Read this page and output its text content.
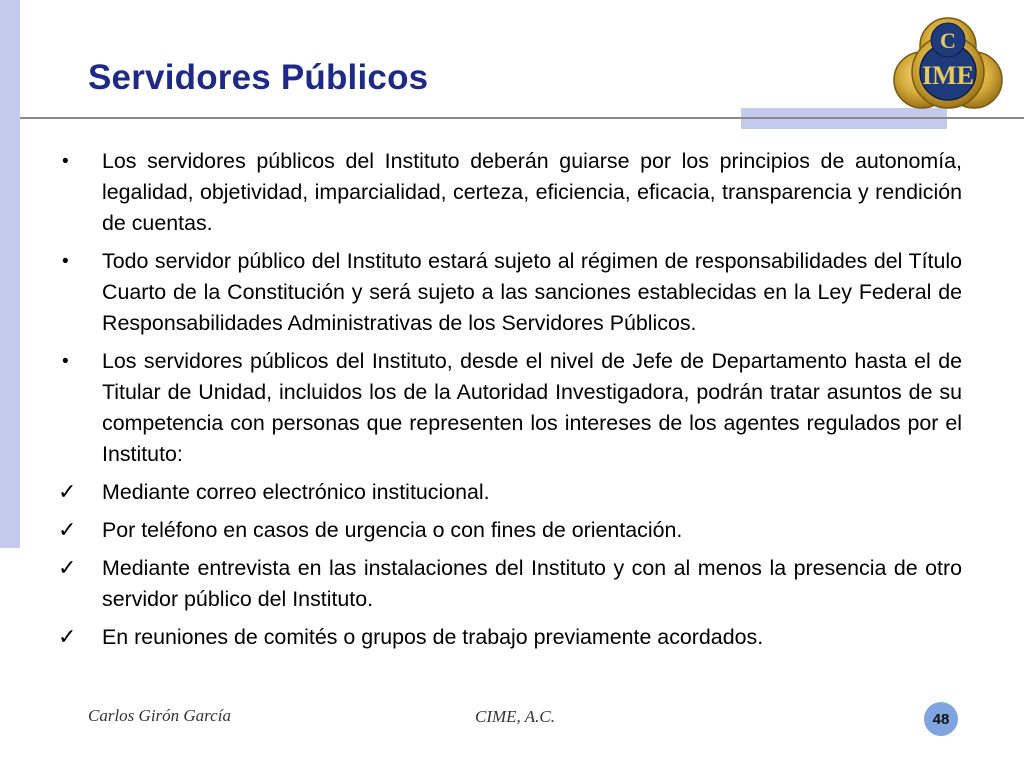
Servidores Públicos
C
IME
•	Los servidores públicos del Instituto deberán guiarse por los principios de autonomía, legalidad, objetividad, imparcialidad, certeza, eficiencia, eficacia, transparencia y rendición de cuentas.
•	Todo servidor público del Instituto estará sujeto al régimen de responsabilidades del Título Cuarto de la Constitución y será sujeto a las sanciones establecidas en la Ley Federal de Responsabilidades Administrativas de los Servidores Públicos.
•	Los servidores públicos del Instituto, desde el nivel de Jefe de Departamento hasta el de Titular de Unidad, incluidos los de la Autoridad Investigadora, podrán tratar asuntos de su competencia con personas que representen los intereses de los agentes regulados por el Instituto:
✓ Mediante correo electrónico institucional.
✓ Por teléfono en casos de urgencia o con fines de orientación.
✓ Mediante entrevista en las instalaciones del Instituto y con al menos la presencia de otro servidor público del Instituto.
✓ En reuniones de comités o grupos de trabajo previamente acordados.
Carlos Girón García	CIME, A.C.	48
